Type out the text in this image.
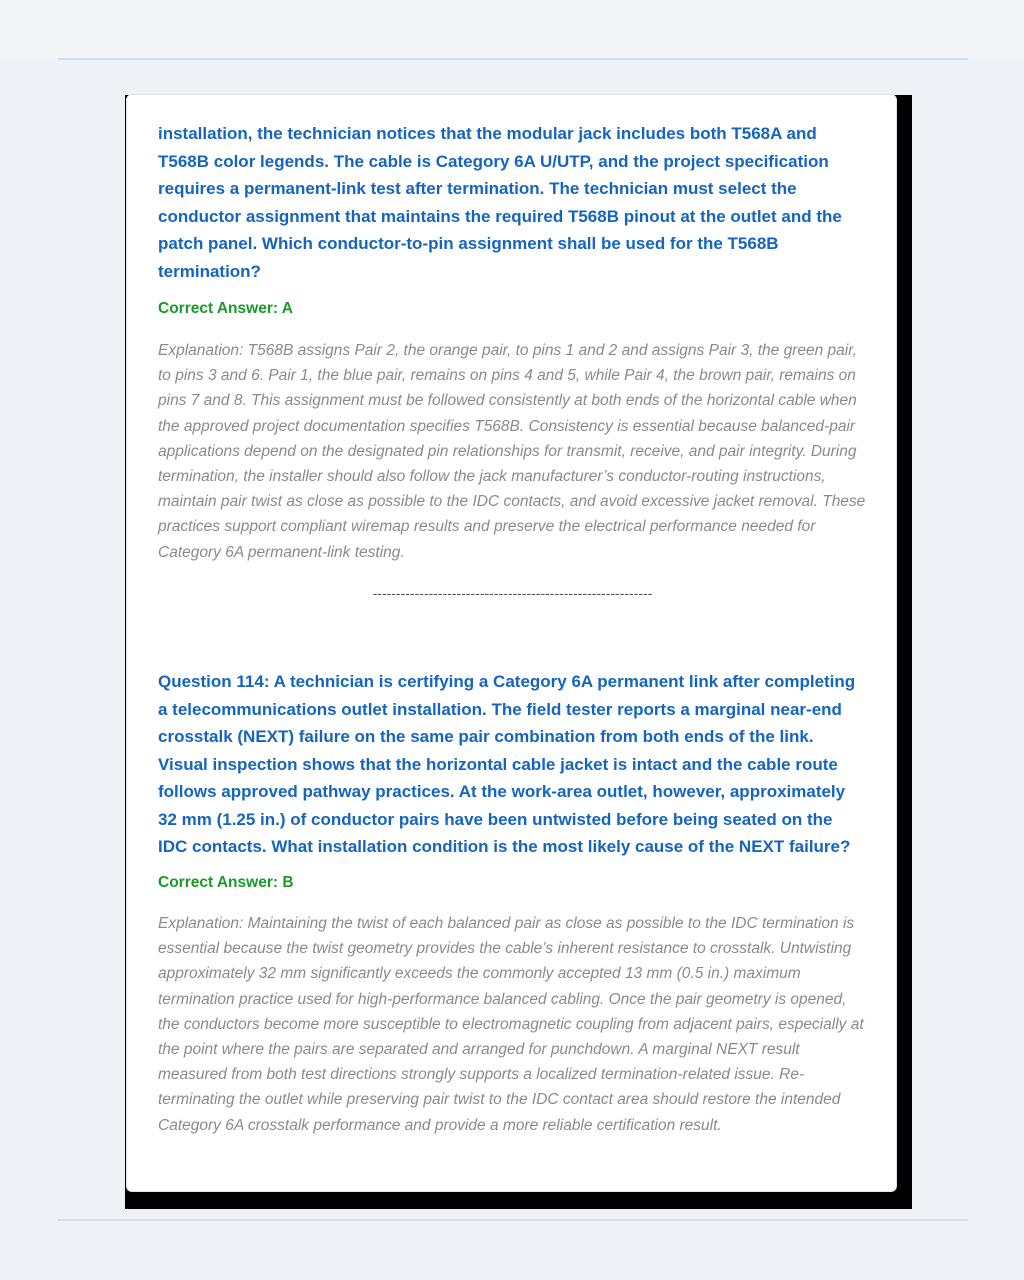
installation, the technician notices that the modular jack includes both T568A and T568B color legends. The cable is Category 6A U/UTP, and the project specification requires a permanent-link test after termination. The technician must select the conductor assignment that maintains the required T568B pinout at the outlet and the patch panel. Which conductor-to-pin assignment shall be used for the T568B termination?

Correct Answer: A

Explanation: T568B assigns Pair 2, the orange pair, to pins 1 and 2 and assigns Pair 3, the green pair, to pins 3 and 6. Pair 1, the blue pair, remains on pins 4 and 5, while Pair 4, the brown pair, remains on pins 7 and 8. This assignment must be followed consistently at both ends of the horizontal cable when the approved project documentation specifies T568B. Consistency is essential because balanced-pair applications depend on the designated pin relationships for transmit, receive, and pair integrity. During termination, the installer should also follow the jack manufacturer’s conductor-routing instructions, maintain pair twist as close as possible to the IDC contacts, and avoid excessive jacket removal. These practices support compliant wiremap results and preserve the electrical performance needed for Category 6A permanent-link testing.

------------------------------------------------------------

Question 114: A technician is certifying a Category 6A permanent link after completing a telecommunications outlet installation. The field tester reports a marginal near-end crosstalk (NEXT) failure on the same pair combination from both ends of the link. Visual inspection shows that the horizontal cable jacket is intact and the cable route follows approved pathway practices. At the work-area outlet, however, approximately 32 mm (1.25 in.) of conductor pairs have been untwisted before being seated on the IDC contacts. What installation condition is the most likely cause of the NEXT failure?

Correct Answer: B

Explanation: Maintaining the twist of each balanced pair as close as possible to the IDC termination is essential because the twist geometry provides the cable’s inherent resistance to crosstalk. Untwisting approximately 32 mm significantly exceeds the commonly accepted 13 mm (0.5 in.) maximum termination practice used for high-performance balanced cabling. Once the pair geometry is opened, the conductors become more susceptible to electromagnetic coupling from adjacent pairs, especially at the point where the pairs are separated and arranged for punchdown. A marginal NEXT result measured from both test directions strongly supports a localized termination-related issue. Re-terminating the outlet while preserving pair twist to the IDC contact area should restore the intended Category 6A crosstalk performance and provide a more reliable certification result.
